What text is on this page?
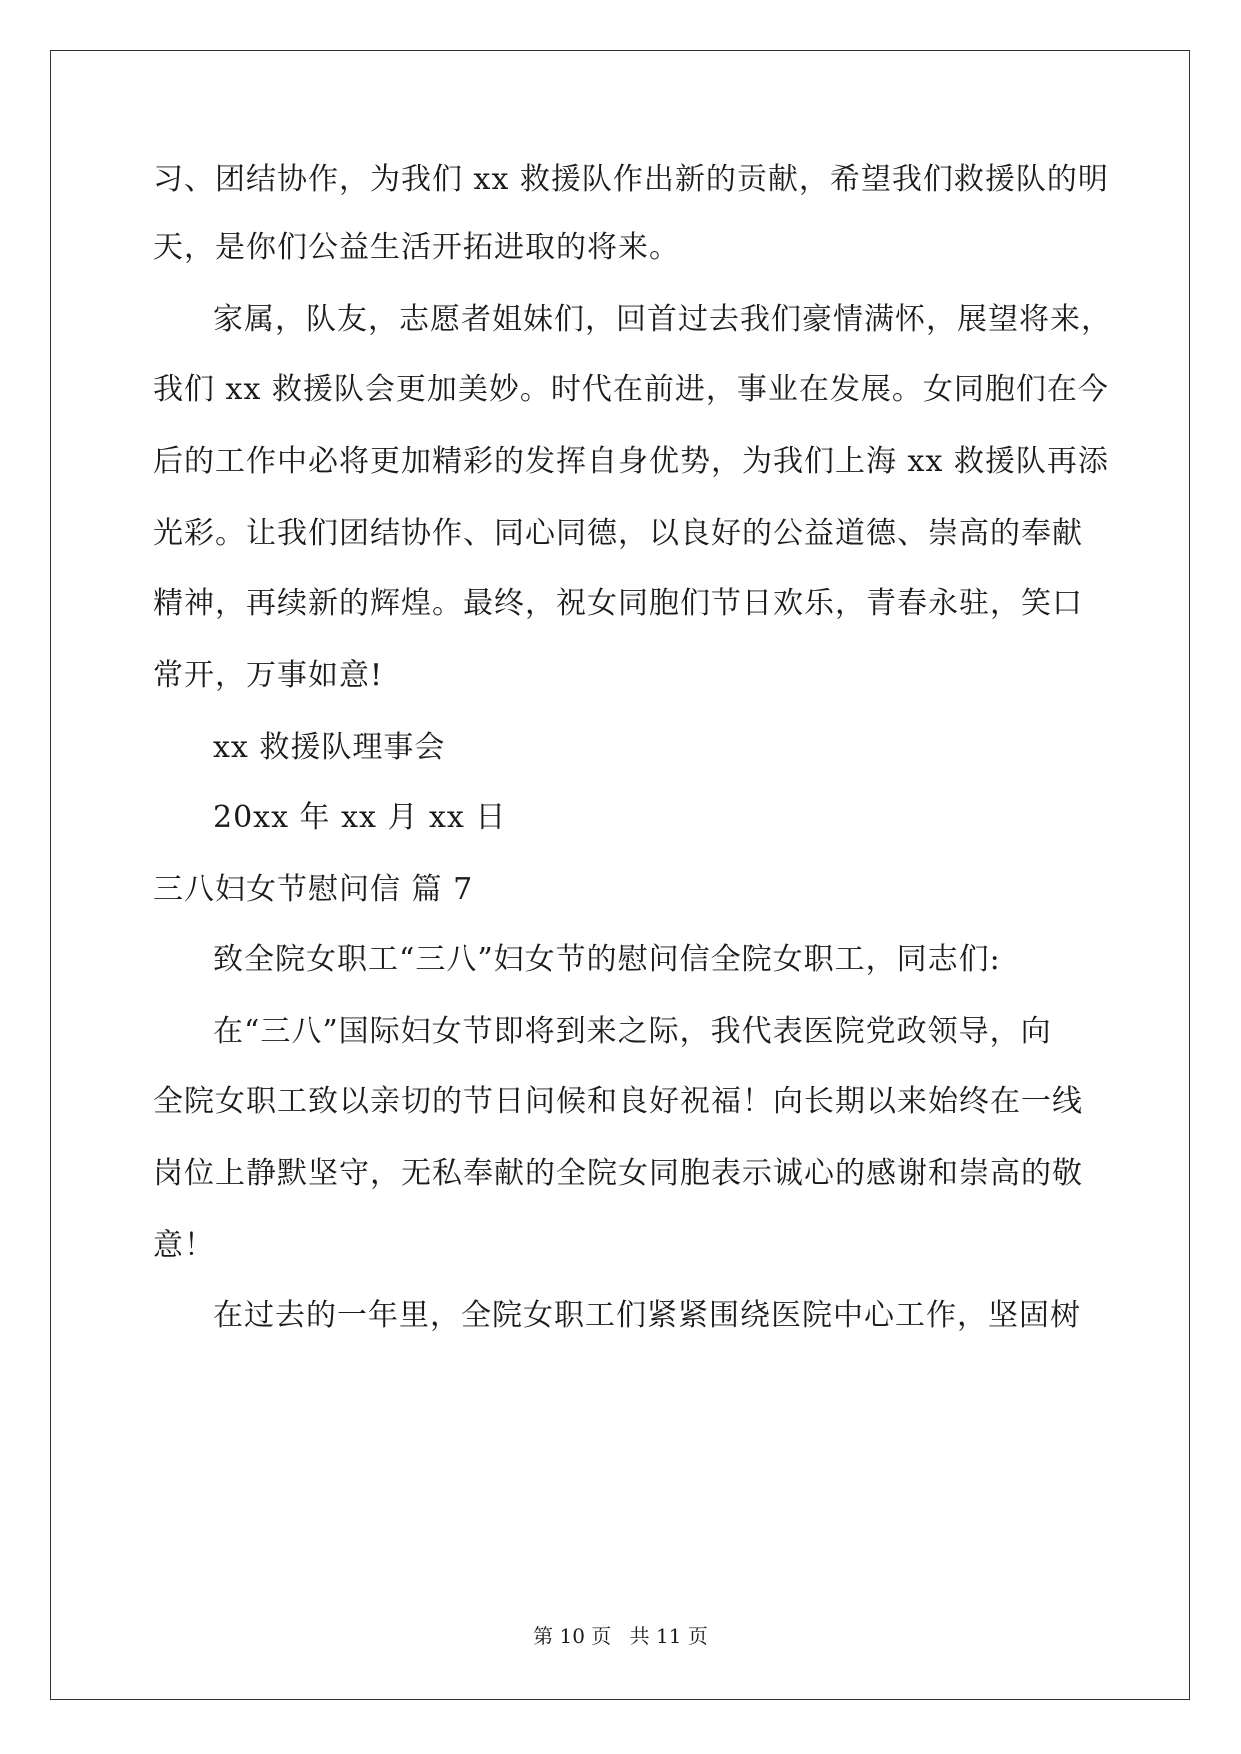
习、团结协作，为我们 xx 救援队作出新的贡献，希望我们救援队的明
天，是你们公益生活开拓进取的将来。
家属，队友，志愿者姐妹们，回首过去我们豪情满怀，展望将来，
我们 xx 救援队会更加美妙。时代在前进，事业在发展。女同胞们在今
后的工作中必将更加精彩的发挥自身优势，为我们上海 xx 救援队再添
光彩。让我们团结协作、同心同德，以良好的公益道德、崇高的奉献
精神，再续新的辉煌。最终，祝女同胞们节日欢乐，青春永驻，笑口
常开，万事如意!
xx 救援队理事会
20xx 年 xx 月 xx 日
三八妇女节慰问信 篇 7
致全院女职工“三八”妇女节的慰问信全院女职工，同志们:
在“三八”国际妇女节即将到来之际，我代表医院党政领导，向
全院女职工致以亲切的节日问候和良好祝福！向长期以来始终在一线
岗位上静默坚守，无私奉献的全院女同胞表示诚心的感谢和崇高的敬
意！
在过去的一年里，全院女职工们紧紧围绕医院中心工作，坚固树
第 10 页 共 11 页
